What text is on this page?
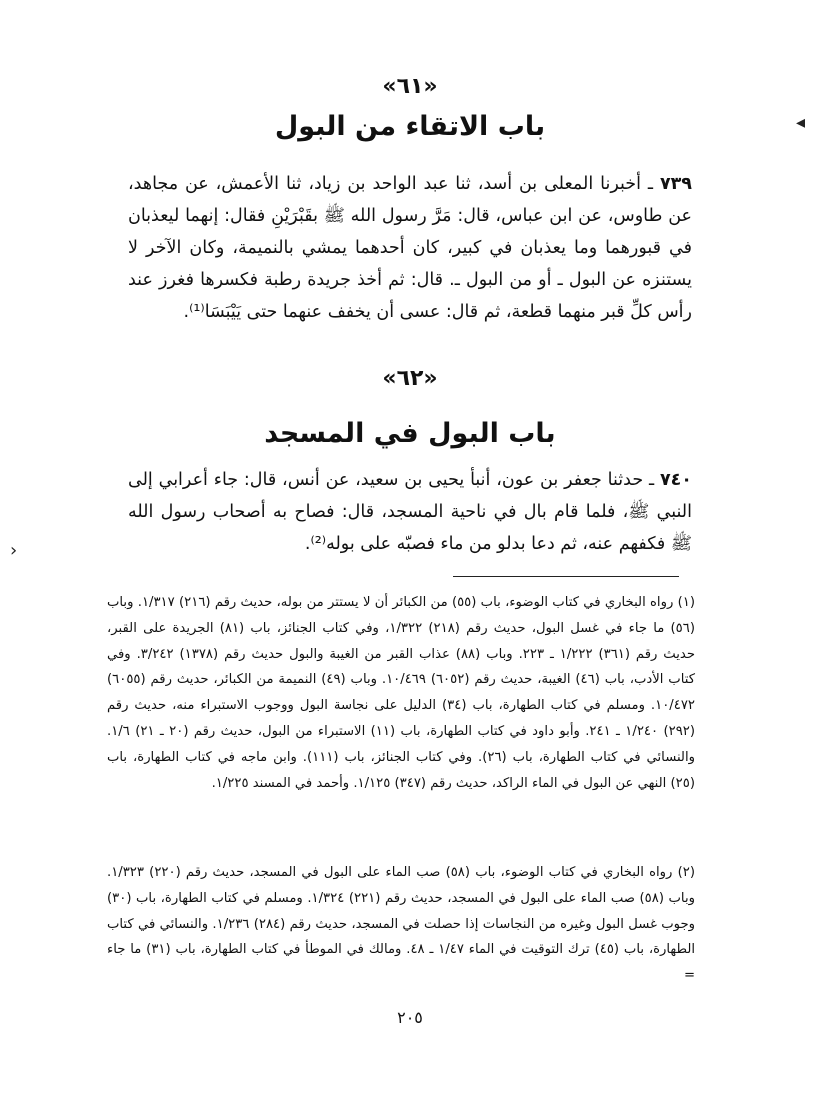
«٦١»
باب الاتقاء من البول

٧٣٩ ـ أخبرنا المعلى بن أسد، ثنا عبد الواحد بن زياد، ثنا الأعمش، عن مجاهد، عن طاوس، عن ابن عباس، قال: مَرَّ رسول الله ﷺ بقَبْرَيْنِ فقال: إنهما ليعذبان في قبورهما وما يعذبان في كبير، كان أحدهما يمشي بالنميمة، وكان الآخر لا يستنزه عن البول ـ أو من البول ـ. قال: ثم أخذ جريدة رطبة فكسرها فغرز عند رأس كلِّ قبر منهما قطعة، ثم قال: عسى أن يخفف عنهما حتى يَيْبَسَا⁽¹⁾.

«٦٢»
باب البول في المسجد

٧٤٠ ـ حدثنا جعفر بن عون، أنبأ يحيى بن سعيد، عن أنس، قال: جاء أعرابي إلى النبي ﷺ، فلما قام بال في ناحية المسجد، قال: فصاح به أصحاب رسول الله ﷺ فكفهم عنه، ثم دعا بدلو من ماء فصبّه على بوله⁽²⁾.

(١) رواه البخاري في كتاب الوضوء، باب (٥٥) من الكبائر أن لا يستتر من بوله، حديث رقم (٢١٦) ١/٣١٧. وباب (٥٦) ما جاء في غسل البول، حديث رقم (٢١٨) ١/٣٢٢، وفي كتاب الجنائز، باب (٨١) الجريدة على القبر، حديث رقم (٣٦١) ١/٢٢٢ ـ ٢٢٣. وباب (٨٨) عذاب القبر من الغيبة والبول حديث رقم (١٣٧٨) ٣/٢٤٢. وفي كتاب الأدب، باب (٤٦) الغيبة، حديث رقم (٦٠٥٢) ١٠/٤٦٩. وباب (٤٩) النميمة من الكبائر، حديث رقم (٦٠٥٥) ١٠/٤٧٢. ومسلم في كتاب الطهارة، باب (٣٤) الدليل على نجاسة البول ووجوب الاستبراء منه، حديث رقم (٢٩٢) ١/٢٤٠ ـ ٢٤١. وأبو داود في كتاب الطهارة، باب (١١) الاستبراء من البول، حديث رقم (٢٠ ـ ٢١) ١/٦. والنسائي في كتاب الطهارة، باب (٢٦). وفي كتاب الجنائز، باب (١١١). وابن ماجه في كتاب الطهارة، باب (٢٥) النهي عن البول في الماء الراكد، حديث رقم (٣٤٧) ١/١٢٥. وأحمد في المسند ١/٢٢٥.

(٢) رواه البخاري في كتاب الوضوء، باب (٥٨) صب الماء على البول في المسجد، حديث رقم (٢٢٠) ١/٣٢٣. وباب (٥٨) صب الماء على البول في المسجد، حديث رقم (٢٢١) ١/٣٢٤. ومسلم في كتاب الطهارة، باب (٣٠) وجوب غسل البول وغيره من النجاسات إذا حصلت في المسجد، حديث رقم (٢٨٤) ١/٢٣٦. والنسائي في كتاب الطهارة، باب (٤٥) ترك التوقيت في الماء ١/٤٧ ـ ٤٨. ومالك في الموطأ في كتاب الطهارة، باب (٣١) ما جاء =

٢٠٥
◂
›
